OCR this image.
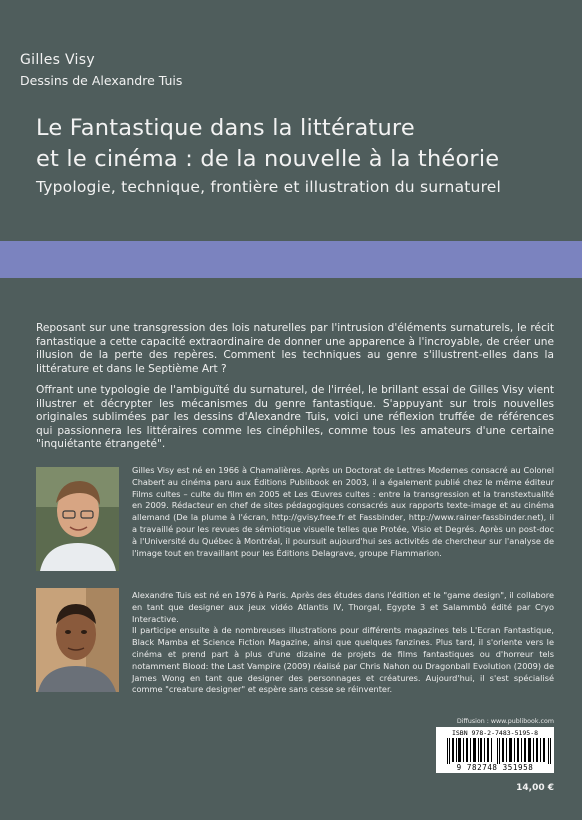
Gilles Visy
Dessins de Alexandre Tuis
Le Fantastique dans la littérature
et le cinéma : de la nouvelle à la théorie
Typologie, technique, frontière et illustration du surnaturel
Reposant sur une transgression des lois naturelles par l'intrusion d'éléments surnaturels, le récit fantastique a cette capacité extraordinaire de donner une apparence à l'incroyable, de créer une illusion de la perte des repères. Comment les techniques au genre s'illustrent-elles dans la littérature et dans le Septième Art ?
Offrant une typologie de l'ambiguïté du surnaturel, de l'irréel, le brillant essai de Gilles Visy vient illustrer et décrypter les mécanismes du genre fantastique. S'appuyant sur trois nouvelles originales sublimées par les dessins d'Alexandre Tuis, voici une réflexion truffée de références qui passionnera les littéraires comme les cinéphiles, comme tous les amateurs d'une certaine "inquiétante étrangeté".
Gilles Visy est né en 1966 à Chamalières. Après un Doctorat de Lettres Modernes consacré au Colonel Chabert au cinéma paru aux Éditions Publibook en 2003, il a également publié chez le même éditeur Films cultes – culte du film en 2005 et Les Œuvres cultes : entre la transgression et la transtextualité en 2009. Rédacteur en chef de sites pédagogiques consacrés aux rapports texte-image et au cinéma allemand (De la plume à l'écran, http://gvisy.free.fr et Fassbinder, http://www.rainer-fassbinder.net), il a travaillé pour les revues de sémiotique visuelle telles que Protée, Visio et Degrés. Après un post-doc à l'Université du Québec à Montréal, il poursuit aujourd'hui ses activités de chercheur sur l'analyse de l'image tout en travaillant pour les Éditions Delagrave, groupe Flammarion.

Alexandre Tuis est né en 1976 à Paris. Après des études dans l'édition et le "game design", il collabore en tant que designer aux jeux vidéo Atlantis IV, Thorgal, Egypte 3 et Salammbô édité par Cryo Interactive.

Il participe ensuite à de nombreuses illustrations pour différents magazines tels L'Ecran Fantastique, Black Mamba et Science Fiction Magazine, ainsi que quelques fanzines. Plus tard, il s'oriente vers le cinéma et prend part à plus d'une dizaine de projets de films fantastiques ou d'horreur tels notamment Blood: the Last Vampire (2009) réalisé par Chris Nahon ou Dragonball Evolution (2009) de James Wong en tant que designer des personnages et créatures. Aujourd'hui, il s'est spécialisé comme "creature designer" et espère sans cesse se réinventer.

Diffusion : www.publibook.com
ISBN 978-2-7483-5195-8
9 782748 351958
14,00 €
